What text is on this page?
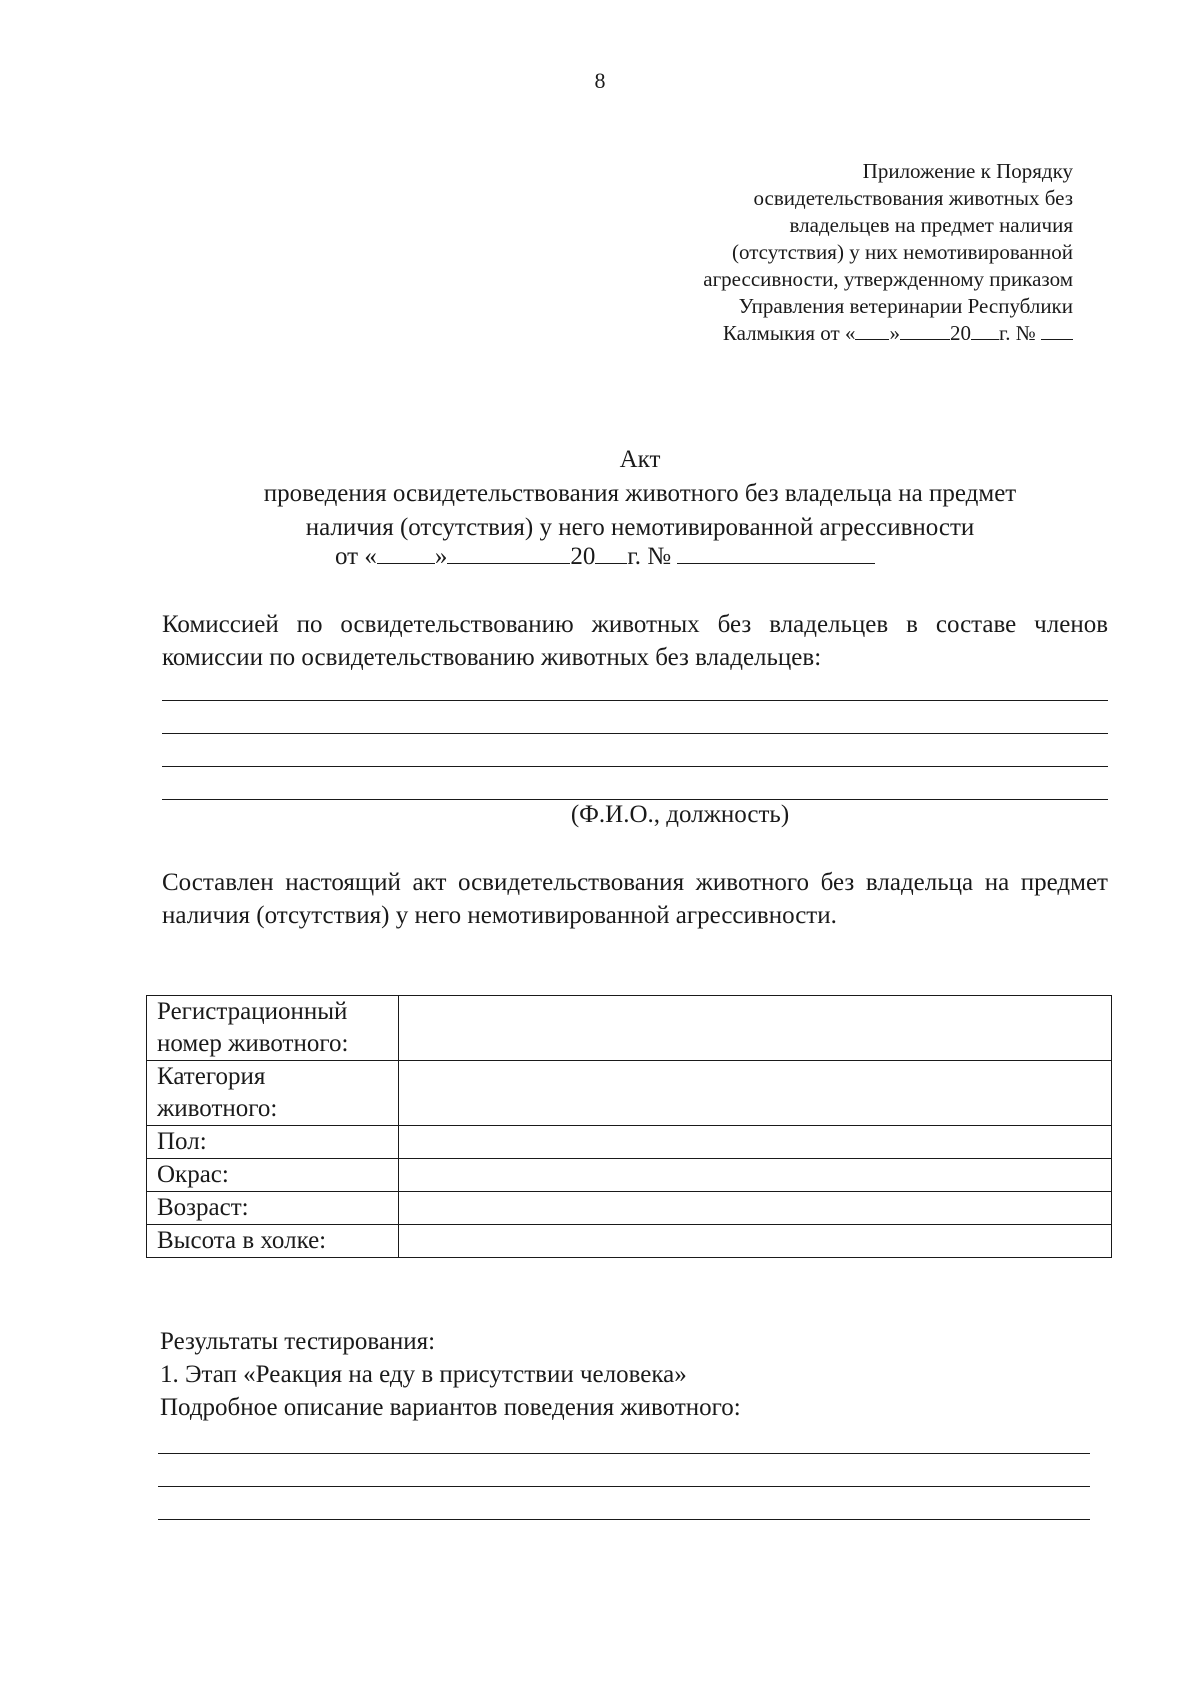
8
Приложение к Порядку
освидетельствования животных без
владельцев на предмет наличия
(отсутствия) у них немотивированной
агрессивности, утвержденному приказом
Управления ветеринарии Республики
Калмыкия от « » 20 г. №
Акт
проведения освидетельствования животного без владельца на предмет
наличия (отсутствия) у него немотивированной агрессивности
от « »	20 г. №
Комиссией по освидетельствованию животных без владельцев в составе членов комиссии по освидетельствованию животных без владельцев:
(Ф.И.О., должность)
Составлен настоящий акт освидетельствования животного без владельца на предмет наличия (отсутствия) у него немотивированной агрессивности.
Регистрационный номер животного:	
Категория животного:	
Пол:	
Окрас:	
Возраст:	
Высота в холке:	
Результаты тестирования:
1. Этап «Реакция на еду в присутствии человека»
Подробное описание вариантов поведения животного:
